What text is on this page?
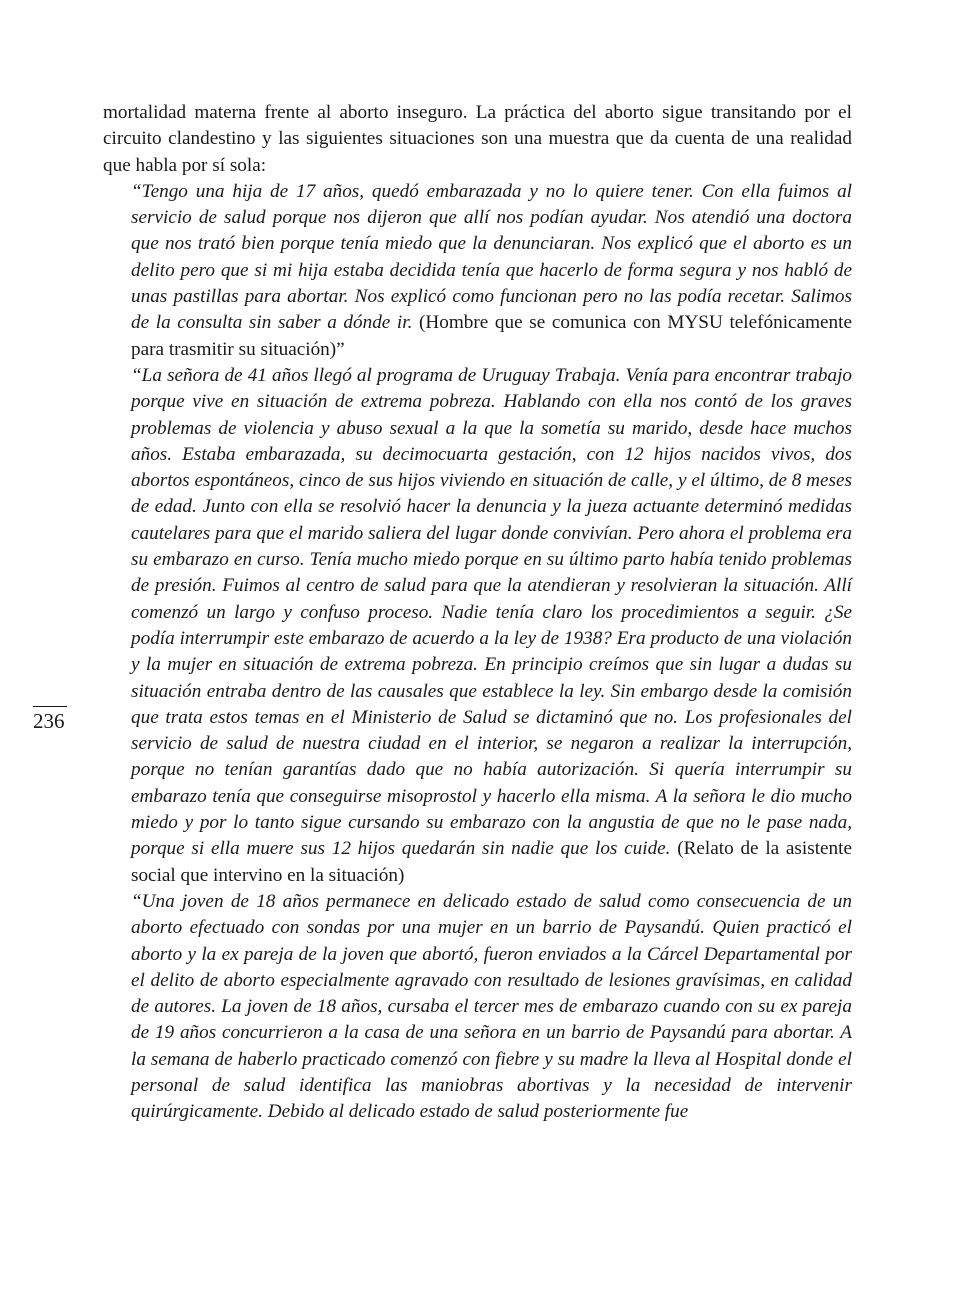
236

mortalidad materna frente al aborto inseguro. La práctica del aborto sigue transitando por el circuito clandestino y las siguientes situaciones son una muestra que da cuenta de una realidad que habla por sí sola:

“Tengo una hija de 17 años, quedó embarazada y no lo quiere tener. Con ella fuimos al servicio de salud porque nos dijeron que allí nos podían ayudar. Nos atendió una doctora que nos trató bien porque tenía miedo que la denunciaran. Nos explicó que el aborto es un delito pero que si mi hija estaba decidida tenía que hacerlo de forma segura y nos habló de unas pastillas para abortar. Nos explicó como funcionan pero no las podía recetar. Salimos de la consulta sin saber a dónde ir. (Hombre que se comunica con MYSU telefónicamente para trasmitir su situación)”

“La señora de 41 años llegó al programa de Uruguay Trabaja. Venía para encontrar trabajo porque vive en situación de extrema pobreza. Hablando con ella nos contó de los graves problemas de violencia y abuso sexual a la que la sometía su marido, desde hace muchos años. Estaba embarazada, su decimocuarta gestación, con 12 hijos nacidos vivos, dos abortos espontáneos, cinco de sus hijos viviendo en situación de calle, y el último, de 8 meses de edad. Junto con ella se resolvió hacer la denuncia y la jueza actuante determinó medidas cautelares para que el marido saliera del lugar donde convivían. Pero ahora el problema era su embarazo en curso. Tenía mucho miedo porque en su último parto había tenido problemas de presión. Fuimos al centro de salud para que la atendieran y resolvieran la situación. Allí comenzó un largo y confuso proceso. Nadie tenía claro los procedimientos a seguir. ¿Se podía interrumpir este embarazo de acuerdo a la ley de 1938? Era producto de una violación y la mujer en situación de extrema pobreza. En principio creímos que sin lugar a dudas su situación entraba dentro de las causales que establece la ley. Sin embargo desde la comisión que trata estos temas en el Ministerio de Salud se dictaminó que no. Los profesionales del servicio de salud de nuestra ciudad en el interior, se negaron a realizar la interrupción, porque no tenían garantías dado que no había autorización. Si quería interrumpir su embarazo tenía que conseguirse misoprostol y hacerlo ella misma. A la señora le dio mucho miedo y por lo tanto sigue cursando su embarazo con la angustia de que no le pase nada, porque si ella muere sus 12 hijos quedarán sin nadie que los cuide. (Relato de la asistente social que intervino en la situación)

“Una joven de 18 años permanece en delicado estado de salud como consecuencia de un aborto efectuado con sondas por una mujer en un barrio de Paysandú. Quien practicó el aborto y la ex pareja de la joven que abortó, fueron enviados a la Cárcel Departamental por el delito de aborto especialmente agravado con resultado de lesiones gravísimas, en calidad de autores. La joven de 18 años, cursaba el tercer mes de embarazo cuando con su ex pareja de 19 años concurrieron a la casa de una señora en un barrio de Paysandú para abortar. A la semana de haberlo practicado comenzó con fiebre y su madre la lleva al Hospital donde el personal de salud identifica las maniobras abortivas y la necesidad de intervenir quirúrgicamente. Debido al delicado estado de salud posteriormente fue
